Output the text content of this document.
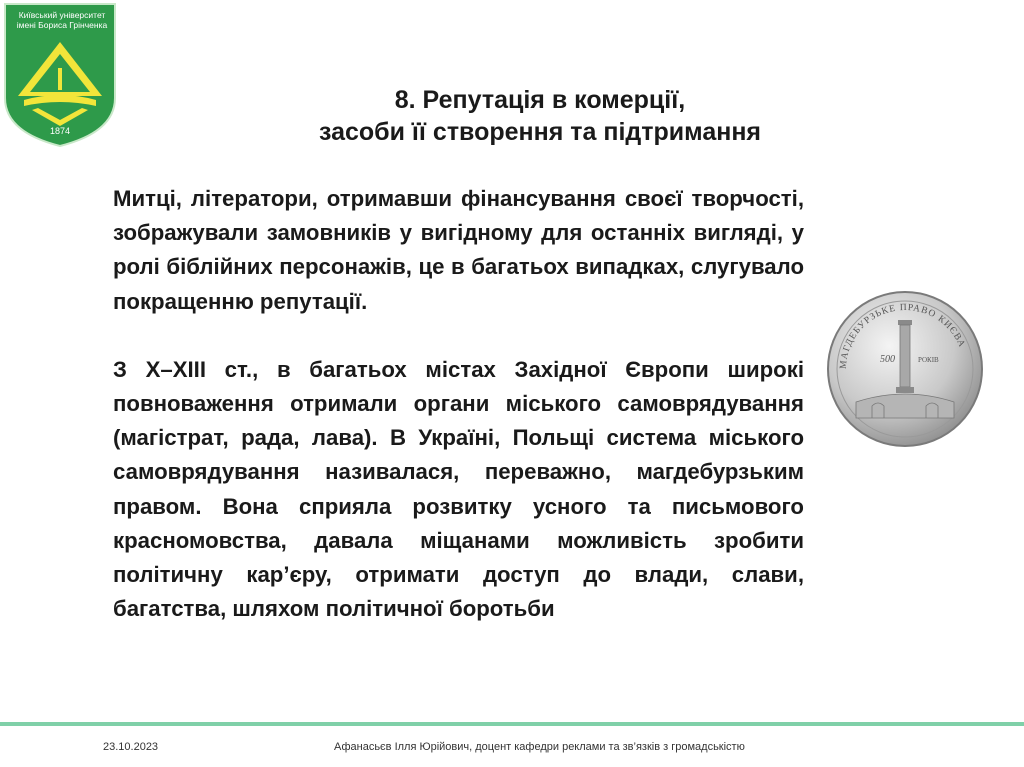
Київський університет
імені Бориса Грінченка
1874
8. Репутація в комерції,
засоби її створення та підтримання

Митці, літератори, отримавши фінансування своєї творчості, зображували замовників у вигідному для останніх вигляді, у ролі біблійних персонажів, це в багатьох випадках, слугувало покращенню репутації.

З Х–ХІІІ ст., в багатьох містах Західної Європи широкі повноваження отримали органи міського самоврядування (магістрат, рада, лава). В Україні, Польщі система міського самоврядування називалася, переважно, магдебурзьким правом. Вона сприяла розвитку усного та письмового красномовства, давала міщанами можливість зробити політичну кар’єру, отримати доступ до влади, слави, багатства, шляхом політичної боротьби

МАГДЕБУРЗЬКЕ ПРАВО КИЄВА
500	РОКІВ
23.10.2023	Афанасьєв Ілля Юрійович, доцент кафедри реклами та зв’язків з громадськістю
